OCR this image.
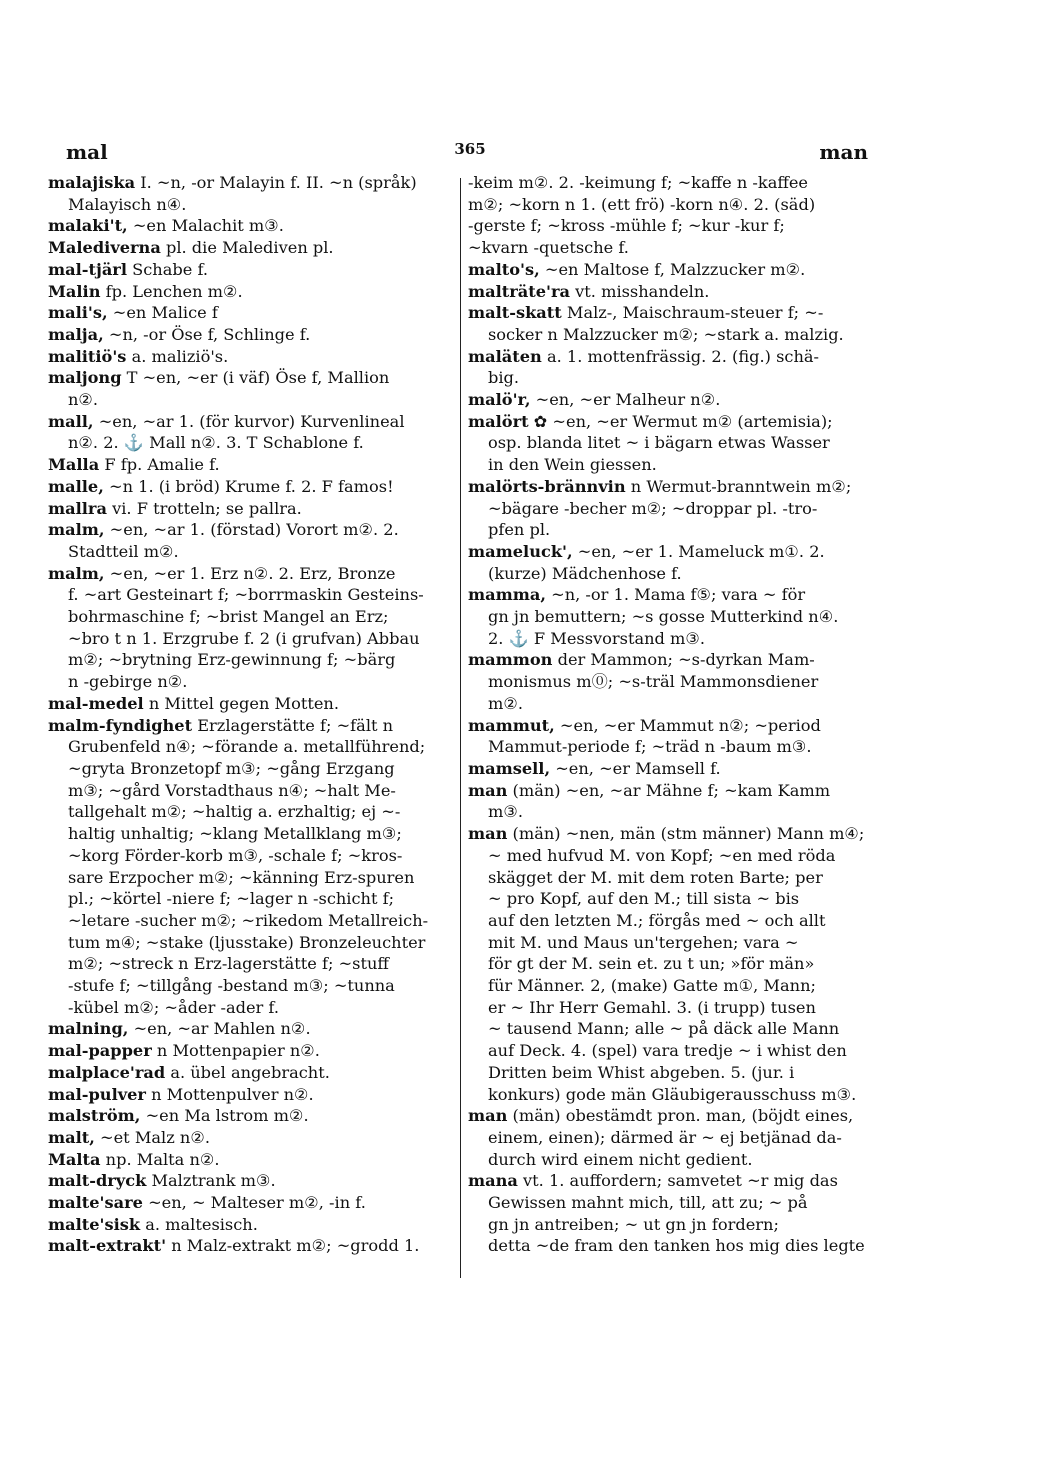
mal	365	man
malajiska I. ~n, -or Malayin f. II. ~n (språk)
Malayisch n④.
malaki't, ~en Malachit m③.
Malediverna pl. die Malediven pl.
mal-tjärl Schabe f.
Malin fp. Lenchen m②.
mali's, ~en Malice f
malja, ~n, -or Öse f, Schlinge f.
malitiö's a. maliziö's.
maljong T ~en, ~er (i väf) Öse f, Mallion
n②.
mall, ~en, ~ar 1. (för kurvor) Kurvenlineal
n②. 2. ⚓ Mall n②. 3. T Schablone f.
Malla F fp. Amalie f.
malle, ~n 1. (i bröd) Krume f. 2. F famos!
mallra vi. F trotteln; se pallra.
malm, ~en, ~ar 1. (förstad) Vorort m②. 2.
Stadtteil m②.
malm, ~en, ~er 1. Erz n②. 2. Erz, Bronze
f. ~art Gesteinart f; ~borrmaskin Gesteins-
bohrmaschine f; ~brist Mangel an Erz;
~bro t n 1. Erzgrube f. 2 (i grufvan) Abbau
m②; ~brytning Erz-gewinnung f; ~bärg
n -gebirge n②.
mal-medel n Mittel gegen Motten.
malm-fyndighet Erzlagerstätte f; ~fält n
Grubenfeld n④; ~förande a. metallführend;
~gryta Bronzetopf m③; ~gång Erzgang
m③; ~gård Vorstadthaus n④; ~halt Me-
tallgehalt m②; ~haltig a. erzhaltig; ej ~-
haltig unhaltig; ~klang Metallklang m③;
~korg Förder-korb m③, -schale f; ~kros-
sare Erzpocher m②; ~känning Erz-spuren
pl.; ~körtel -niere f; ~lager n -schicht f;
~letare -sucher m②; ~rikedom Metallreich-
tum m④; ~stake (ljusstake) Bronzeleuchter
m②; ~streck n Erz-lagerstätte f; ~stuff
-stufe f; ~tillgång -bestand m③; ~tunna
-kübel m②; ~åder -ader f.
malning, ~en, ~ar Mahlen n②.
mal-papper n Mottenpapier n②.
malplace'rad a. übel angebracht.
mal-pulver n Mottenpulver n②.
malström, ~en Ma lstrom m②.
malt, ~et Malz n②.
Malta np. Malta n②.
malt-dryck Malztrank m③.
malte'sare ~en, ~ Malteser m②, -in f.
malte'sisk a. maltesisch.
malt-extrakt' n Malz-extrakt m②; ~grodd 1.
-keim m②. 2. -keimung f; ~kaffe n -kaffee
m②; ~korn n 1. (ett frö) -korn n④. 2. (säd)
-gerste f; ~kross -mühle f; ~kur -kur f;
~kvarn -quetsche f.
malto's, ~en Maltose f, Malzzucker m②.
malträte'ra vt. misshandeln.
malt-skatt Malz-, Maischraum-steuer f; ~-
socker n Malzzucker m②; ~stark a. malzig.
maläten a. 1. mottenfrässig. 2. (fig.) schä-
big.
malö'r, ~en, ~er Malheur n②.
malört ✿ ~en, ~er Wermut m② (artemisia);
osp. blanda litet ~ i bägarn etwas Wasser
in den Wein giessen.
malörts-brännvin n Wermut-branntwein m②;
~bägare -becher m②; ~droppar pl. -tro-
pfen pl.
mameluck', ~en, ~er 1. Mameluck m①. 2.
(kurze) Mädchenhose f.
mamma, ~n, -or 1. Mama f⑤; vara ~ för
gn jn bemuttern; ~s gosse Mutterkind n④.
2. ⚓ F Messvorstand m③.
mammon der Mammon; ~s-dyrkan Mam-
monismus m⓪; ~s-träl Mammonsdiener
m②.
mammut, ~en, ~er Mammut n②; ~period
Mammut-periode f; ~träd n -baum m③.
mamsell, ~en, ~er Mamsell f.
man (män) ~en, ~ar Mähne f; ~kam Kamm
m③.
man (män) ~nen, män (stm männer) Mann m④;
~ med hufvud M. von Kopf; ~en med röda
skägget der M. mit dem roten Barte; per
~ pro Kopf, auf den M.; till sista ~ bis
auf den letzten M.; förgås med ~ och allt
mit M. und Maus un'tergehen; vara ~
för gt der M. sein et. zu t un; »för män»
für Männer. 2, (make) Gatte m①, Mann;
er ~ Ihr Herr Gemahl. 3. (i trupp) tusen
~ tausend Mann; alle ~ på däck alle Mann
auf Deck. 4. (spel) vara tredje ~ i whist den
Dritten beim Whist abgeben. 5. (jur. i
konkurs) gode män Gläubigerausschuss m③.
man (män) obestämdt pron. man, (böjdt eines,
einem, einen); därmed är ~ ej betjänad da-
durch wird einem nicht gedient.
mana vt. 1. auffordern; samvetet ~r mig das
Gewissen mahnt mich, till, att zu; ~ på
gn jn antreiben; ~ ut gn jn fordern;
detta ~de fram den tanken hos mig dies legte
